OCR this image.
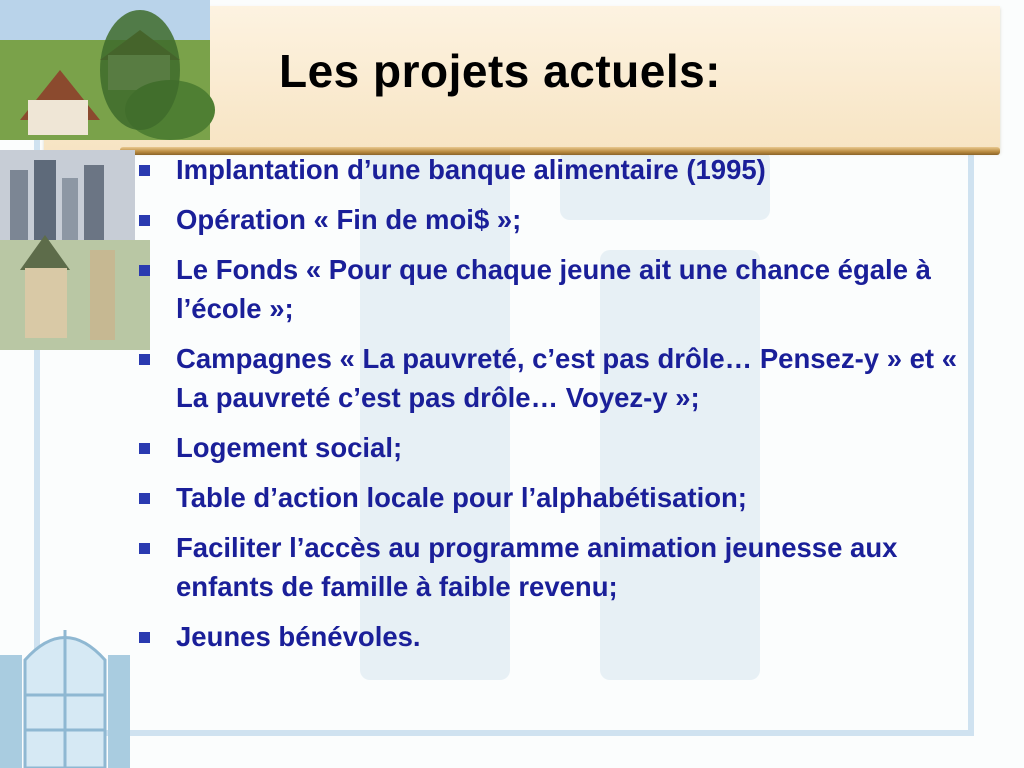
Les projets actuels:
Implantation d’une banque alimentaire (1995)
Opération « Fin de moi$ »;
Le Fonds « Pour que chaque jeune ait une chance égale à l’école »;
Campagnes « La pauvreté, c’est pas drôle… Pensez-y » et « La pauvreté c’est pas drôle… Voyez-y »;
Logement social;
Table d’action locale pour l’alphabétisation;
Faciliter l’accès au programme animation jeunesse aux enfants de famille à faible revenu;
Jeunes bénévoles.
